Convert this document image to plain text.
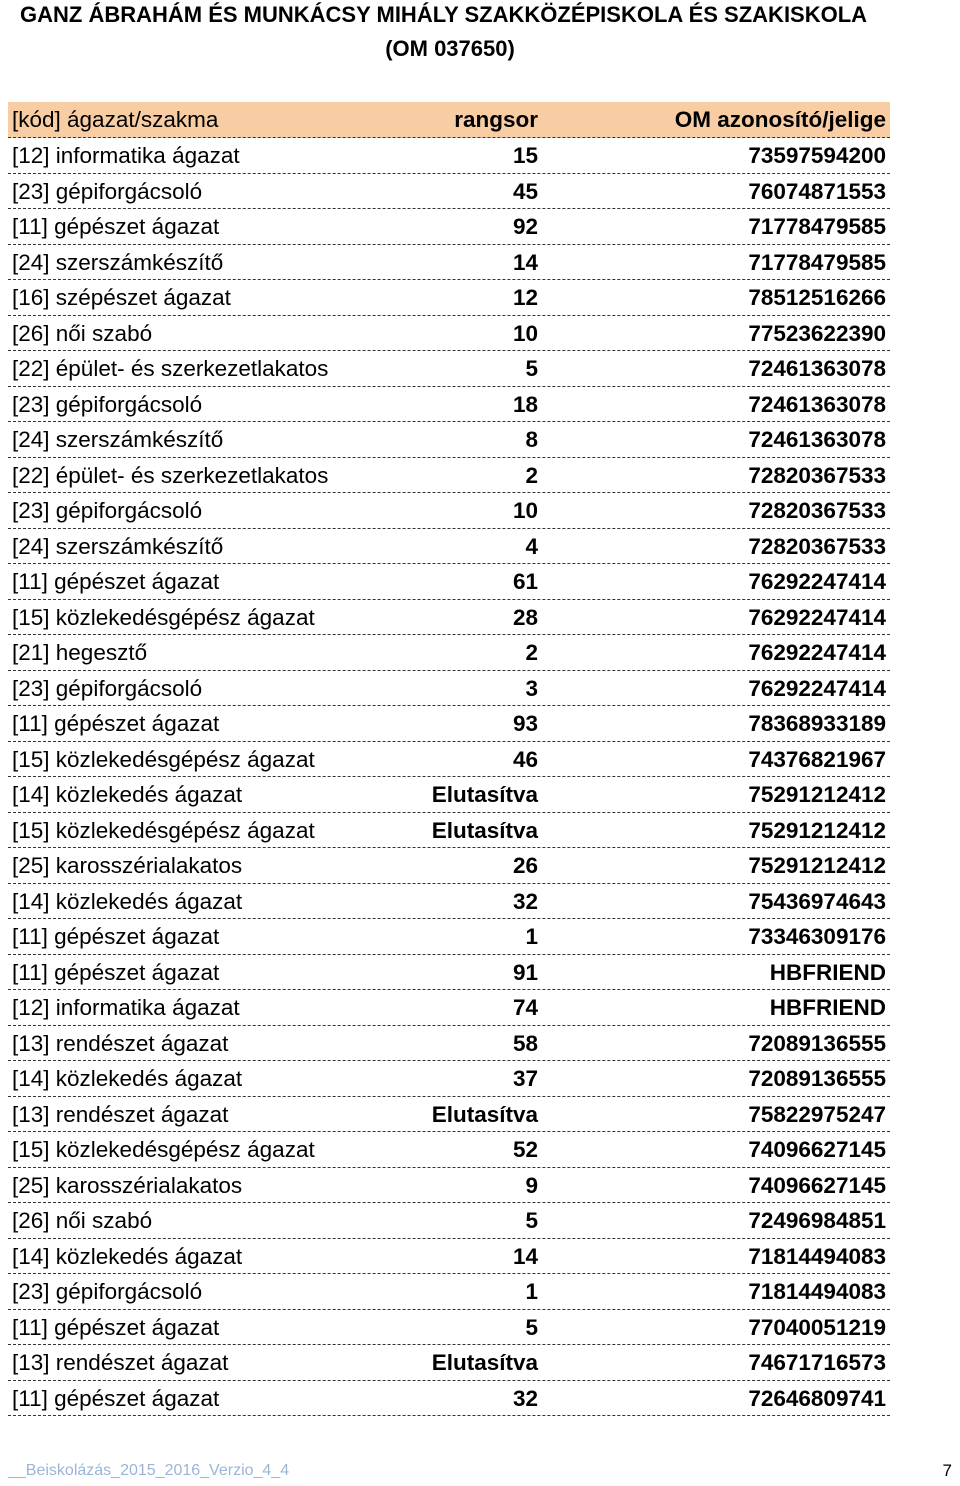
GANZ ÁBRAHÁM ÉS MUNKÁCSY MIHÁLY SZAKKÖZÉPISKOLA ÉS SZAKISKOLA
(OM 037650)
[kód] ágazat/szakma	rangsor	OM azonosító/jelige
[12] informatika ágazat	15	73597594200
[23] gépiforgácsoló	45	76074871553
[11] gépészet ágazat	92	71778479585
[24] szerszámkészítő	14	71778479585
[16] szépészet ágazat	12	78512516266
[26] női szabó	10	77523622390
[22] épület- és szerkezetlakatos	5	72461363078
[23] gépiforgácsoló	18	72461363078
[24] szerszámkészítő	8	72461363078
[22] épület- és szerkezetlakatos	2	72820367533
[23] gépiforgácsoló	10	72820367533
[24] szerszámkészítő	4	72820367533
[11] gépészet ágazat	61	76292247414
[15] közlekedésgépész ágazat	28	76292247414
[21] hegesztő	2	76292247414
[23] gépiforgácsoló	3	76292247414
[11] gépészet ágazat	93	78368933189
[15] közlekedésgépész ágazat	46	74376821967
[14] közlekedés ágazat	Elutasítva	75291212412
[15] közlekedésgépész ágazat	Elutasítva	75291212412
[25] karosszérialakatos	26	75291212412
[14] közlekedés ágazat	32	75436974643
[11] gépészet ágazat	1	73346309176
[11] gépészet ágazat	91	HBFRIEND
[12] informatika ágazat	74	HBFRIEND
[13] rendészet ágazat	58	72089136555
[14] közlekedés ágazat	37	72089136555
[13] rendészet ágazat	Elutasítva	75822975247
[15] közlekedésgépész ágazat	52	74096627145
[25] karosszérialakatos	9	74096627145
[26] női szabó	5	72496984851
[14] közlekedés ágazat	14	71814494083
[23] gépiforgácsoló	1	71814494083
[11] gépészet ágazat	5	77040051219
[13] rendészet ágazat	Elutasítva	74671716573
[11] gépészet ágazat	32	72646809741
__Beiskolázás_2015_2016_Verzio_4_4	7
